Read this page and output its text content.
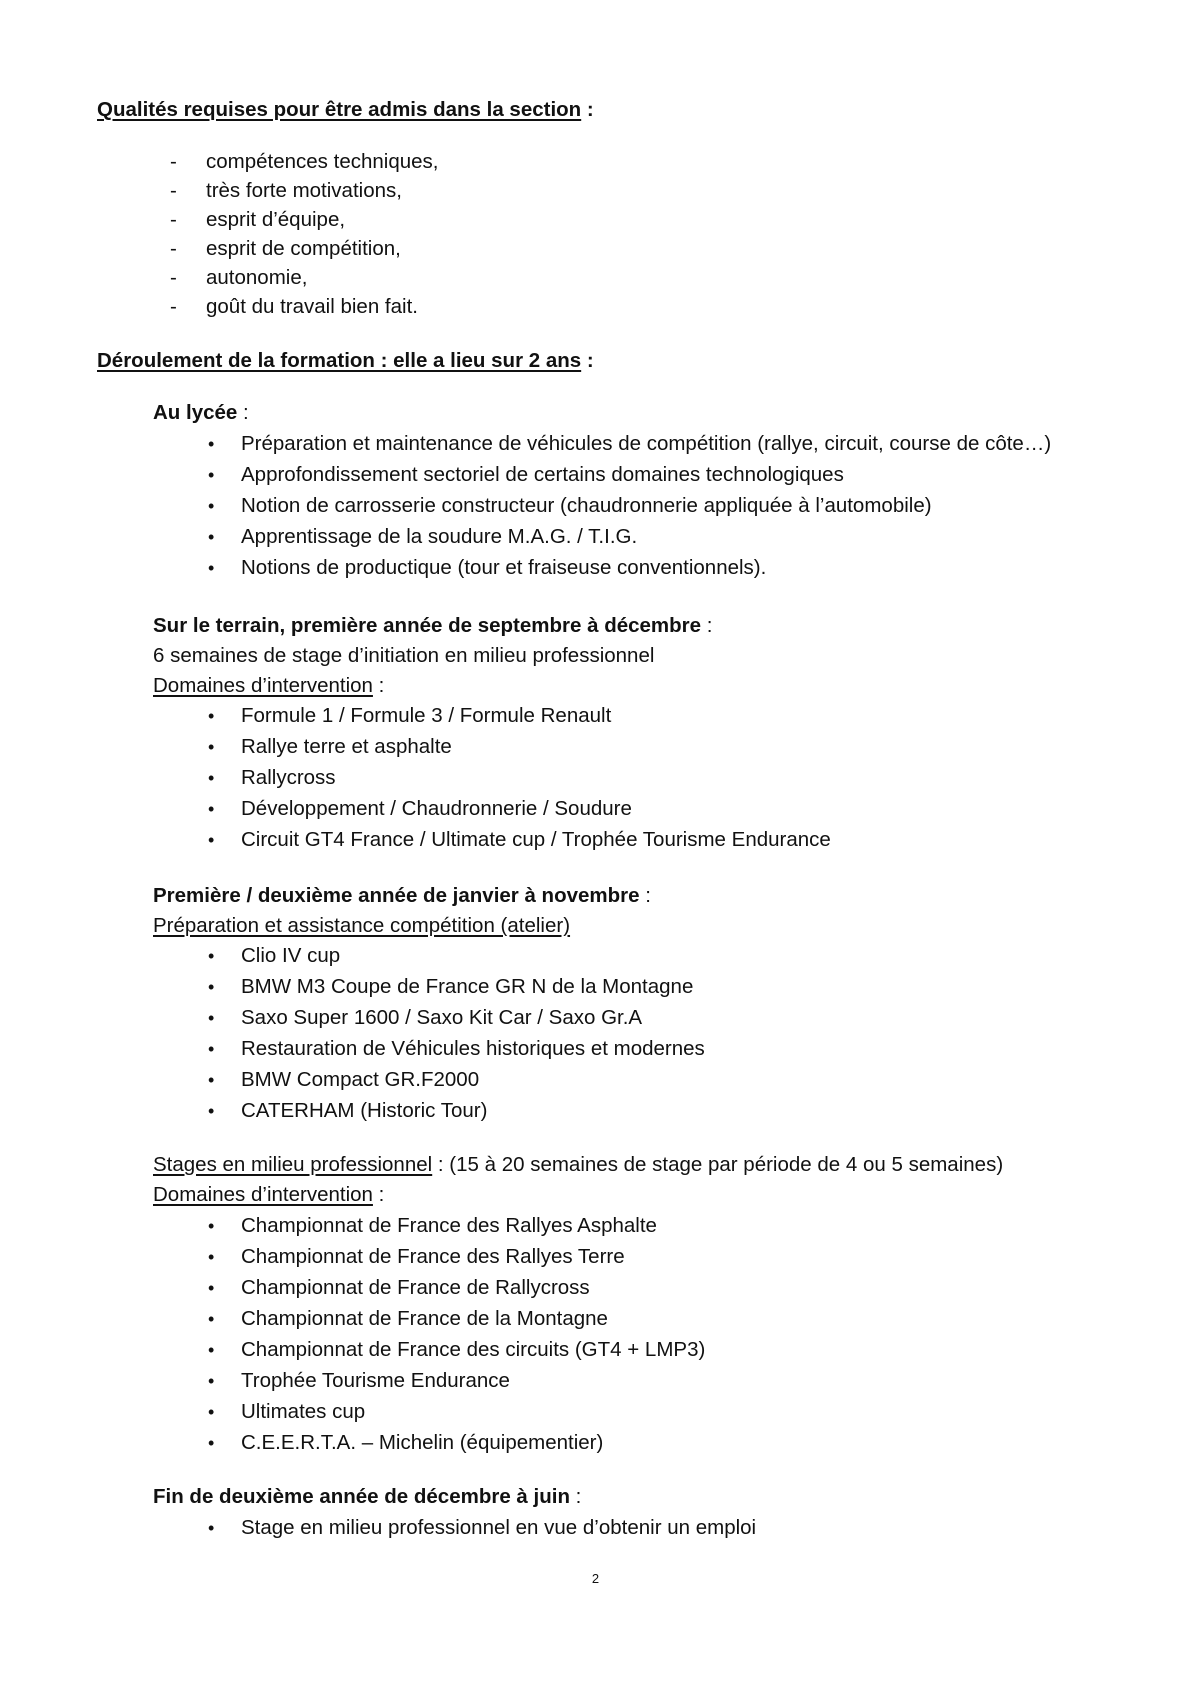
Qualités requises pour être admis dans la section :
- compétences techniques,
- très forte motivations,
- esprit d’équipe,
- esprit de compétition,
- autonomie,
- goût du travail bien fait.
Déroulement de la formation : elle a lieu sur 2 ans :
Au lycée :
• Préparation et maintenance de véhicules de compétition (rallye, circuit, course de côte…)
• Approfondissement sectoriel de certains domaines technologiques
• Notion de carrosserie constructeur (chaudronnerie appliquée à l’automobile)
• Apprentissage de la soudure M.A.G. / T.I.G.
• Notions de productique (tour et fraiseuse conventionnels).
Sur le terrain, première année de septembre à décembre :
6 semaines de stage d’initiation en milieu professionnel
Domaines d’intervention :
• Formule 1 / Formule 3 / Formule Renault
• Rallye terre et asphalte
• Rallycross
• Développement / Chaudronnerie / Soudure
• Circuit GT4 France / Ultimate cup / Trophée Tourisme Endurance
Première / deuxième année de janvier à novembre :
Préparation et assistance compétition (atelier)
• Clio IV cup
• BMW M3 Coupe de France GR N de la Montagne
• Saxo Super 1600 / Saxo Kit Car / Saxo Gr.A
• Restauration de Véhicules historiques et modernes
• BMW Compact GR.F2000
• CATERHAM (Historic Tour)
Stages en milieu professionnel : (15 à 20 semaines de stage par période de 4 ou 5 semaines)
Domaines d’intervention :
• Championnat de France des Rallyes Asphalte
• Championnat de France des Rallyes Terre
• Championnat de France de Rallycross
• Championnat de France de la Montagne
• Championnat de France des circuits (GT4 + LMP3)
• Trophée Tourisme Endurance
• Ultimates cup
• C.E.E.R.T.A. – Michelin (équipementier)
Fin de deuxième année de décembre à juin :
• Stage en milieu professionnel en vue d’obtenir un emploi
2
